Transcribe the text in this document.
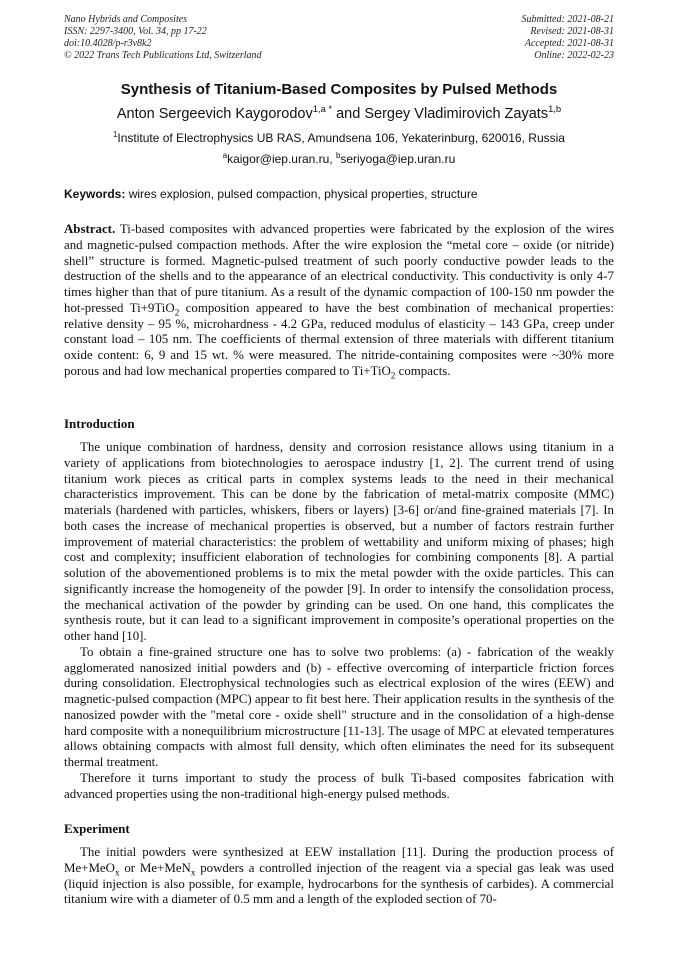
Nano Hybrids and Composites
ISSN: 2297-3400, Vol. 34, pp 17-22
doi:10.4028/p-r3v8k2
© 2022 Trans Tech Publications Ltd, Switzerland
Submitted: 2021-08-21
Revised: 2021-08-31
Accepted: 2021-08-31
Online: 2022-02-23
Synthesis of Titanium-Based Composites by Pulsed Methods
Anton Sergeevich Kaygorodov$^{1,a *}$ and Sergey Vladimirovich Zayats$^{1,b}$
$^1$Institute of Electrophysics UB RAS, Amundsena 106, Yekaterinburg, 620016, Russia
$^a$kaigor@iep.uran.ru, $^b$seriyoga@iep.uran.ru
Keywords: wires explosion, pulsed compaction, physical properties, structure

Abstract. Ti-based composites with advanced properties were fabricated by the explosion of the wires and magnetic-pulsed compaction methods. After the wire explosion the “metal core – oxide (or nitride) shell” structure is formed. Magnetic-pulsed treatment of such poorly conductive powder leads to the destruction of the shells and to the appearance of an electrical conductivity. This conductivity is only 4-7 times higher than that of pure titanium. As a result of the dynamic compaction of 100-150 nm powder the hot-pressed Ti+9TiO$_2$ composition appeared to have the best combination of mechanical properties: relative density – 95 %, microhardness - 4.2 GPa, reduced modulus of elasticity – 143 GPa, creep under constant load – 105 nm. The coefficients of thermal extension of three materials with different titanium oxide content: 6, 9 and 15 wt. % were measured. The nitride-containing composites were ~30% more porous and had low mechanical properties compared to Ti+TiO$_2$ compacts.

Introduction

The unique combination of hardness, density and corrosion resistance allows using titanium in a variety of applications from biotechnologies to aerospace industry [1, 2]. The current trend of using titanium work pieces as critical parts in complex systems leads to the need in their mechanical characteristics improvement. This can be done by the fabrication of metal-matrix composite (MMC) materials (hardened with particles, whiskers, fibers or layers) [3-6] or/and fine-grained materials [7]. In both cases the increase of mechanical properties is observed, but a number of factors restrain further improvement of material characteristics: the problem of wettability and uniform mixing of phases; high cost and complexity; insufficient elaboration of technologies for combining components [8]. A partial solution of the abovementioned problems is to mix the metal powder with the oxide particles. This can significantly increase the homogeneity of the powder [9]. In order to intensify the consolidation process, the mechanical activation of the powder by grinding can be used. On one hand, this complicates the synthesis route, but it can lead to a significant improvement in composite’s operational properties on the other hand [10].

To obtain a fine-grained structure one has to solve two problems: (a) - fabrication of the weakly agglomerated nanosized initial powders and (b) - effective overcoming of interparticle friction forces during consolidation. Electrophysical technologies such as electrical explosion of the wires (EEW) and magnetic-pulsed compaction (MPC) appear to fit best here. Their application results in the synthesis of the nanosized powder with the "metal core - oxide shell" structure and in the consolidation of a high-dense hard composite with a nonequilibrium microstructure [11-13]. The usage of MPC at elevated temperatures allows obtaining compacts with almost full density, which often eliminates the need for its subsequent thermal treatment.

Therefore it turns important to study the process of bulk Ti-based composites fabrication with advanced properties using the non-traditional high-energy pulsed methods.

Experiment

The initial powders were synthesized at EEW installation [11]. During the production process of Me+MeO$_x$ or Me+MeN$_x$ powders a controlled injection of the reagent via a special gas leak was used (liquid injection is also possible, for example, hydrocarbons for the synthesis of carbides). A commercial titanium wire with a diameter of 0.5 mm and a length of the exploded section of 70-
